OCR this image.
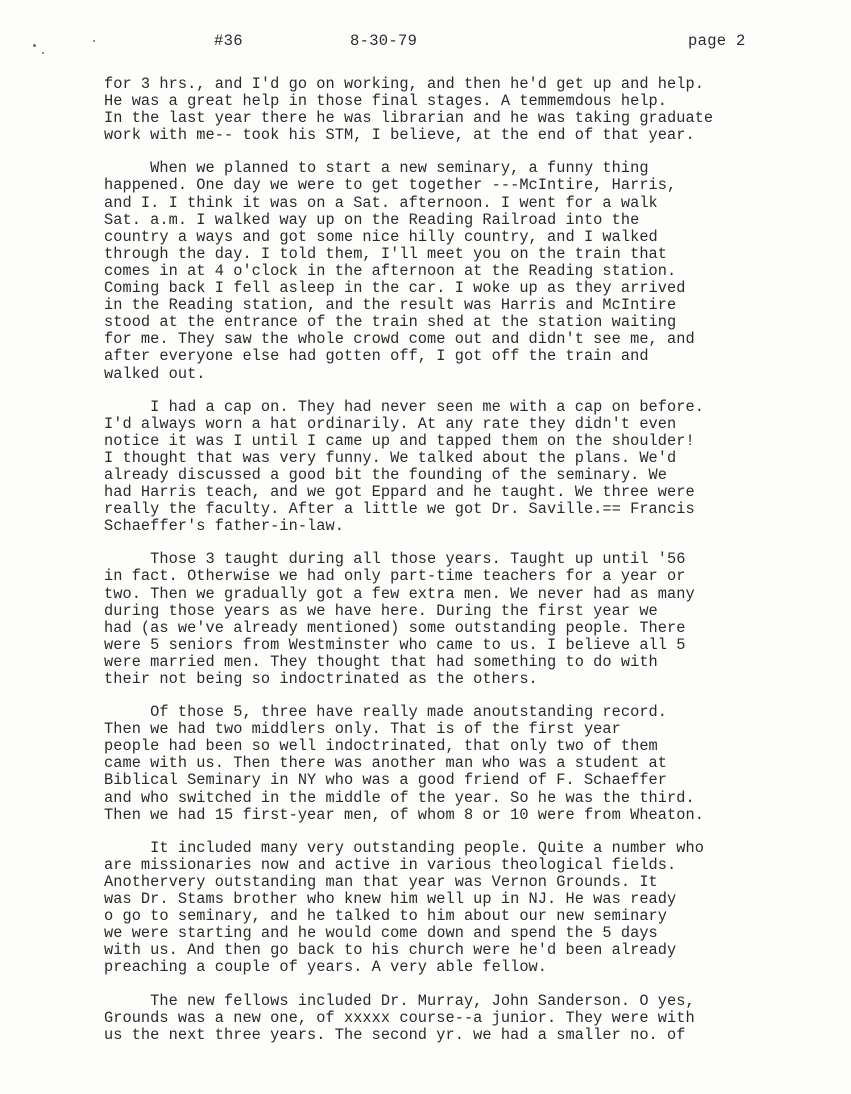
#36	8-30-79	page 2
for 3 hrs., and I'd go on working, and then he'd get up and help.
He was a great help in those final stages. A temmemdous help.
In the last year there he was librarian and he was taking graduate
work with me-- took his STM, I believe, at the end of that year.
When we planned to start a new seminary, a funny thing
happened. One day we were to get together ---McIntire, Harris,
and I. I think it was on a Sat. afternoon. I went for a walk
Sat. a.m. I walked way up on the Reading Railroad into the
country a ways and got some nice hilly country, and I walked
through the day. I told them, I'll meet you on the train that
comes in at 4 o'clock in the afternoon at the Reading station.
Coming back I fell asleep in the car. I woke up as they arrived
in the Reading station, and the result was Harris and McIntire
stood at the entrance of the train shed at the station waiting
for me. They saw the whole crowd come out and didn't see me, and
after everyone else had gotten off, I got off the train and
walked out.
I had a cap on. They had never seen me with a cap on before.
I'd always worn a hat ordinarily. At any rate they didn't even
notice it was I until I came up and tapped them on the shoulder!
I thought that was very funny. We talked about the plans. We'd
already discussed a good bit the founding of the seminary. We
had Harris teach, and we got Eppard and he taught. We three were
really the faculty. After a little we got Dr. Saville.== Francis
Schaeffer's father-in-law.
Those 3 taught during all those years. Taught up until '56
in fact. Otherwise we had only part-time teachers for a year or
two. Then we gradually got a few extra men. We never had as many
during those years as we have here. During the first year we
had (as we've already mentioned) some outstanding people. There
were 5 seniors from Westminster who came to us. I believe all 5
were married men. They thought that had something to do with
their not being so indoctrinated as the others.
Of those 5, three have really made anoutstanding record.
Then we had two middlers only. That is of the first year
people had been so well indoctrinated, that only two of them
came with us. Then there was another man who was a student at
Biblical Seminary in NY who was a good friend of F. Schaeffer
and who switched in the middle of the year. So he was the third.
Then we had 15 first-year men, of whom 8 or 10 were from Wheaton.
It included many very outstanding people. Quite a number who
are missionaries now and active in various theological fields.
Anothervery outstanding man that year was Vernon Grounds. It
was Dr. Stams brother who knew him well up in NJ. He was ready
o go to seminary, and he talked to him about our new seminary
we were starting and he would come down and spend the 5 days
with us. And then go back to his church were he'd been already
preaching a couple of years. A very able fellow.
The new fellows included Dr. Murray, John Sanderson. O yes,
Grounds was a new one, of xxxxx course--a junior. They were with
us the next three years. The second yr. we had a smaller no. of
